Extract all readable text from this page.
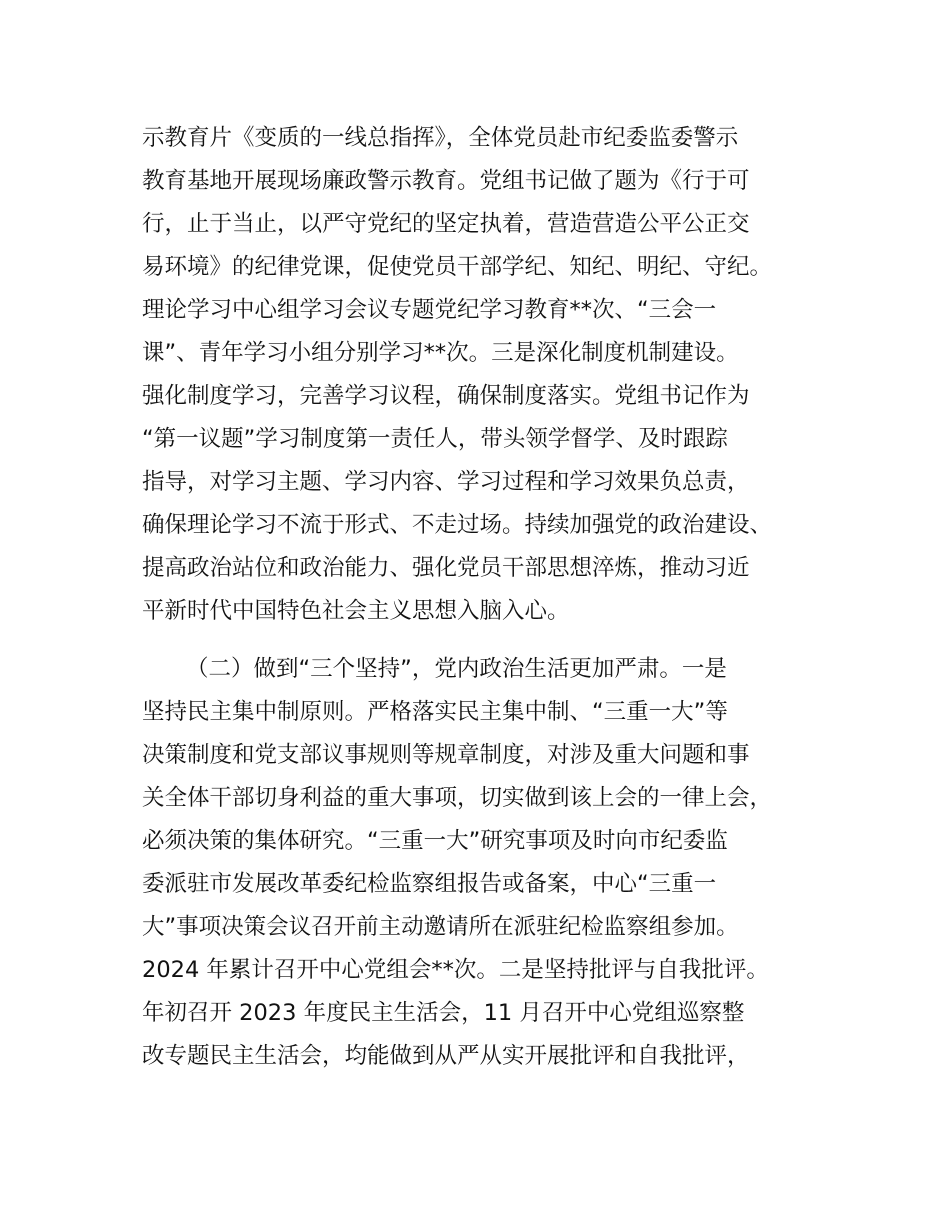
示教育片《变质的一线总指挥》，全体党员赴市纪委监委警示
教育基地开展现场廉政警示教育。党组书记做了题为《行于可
行，止于当止，以严守党纪的坚定执着，营造营造公平公正交
易环境》的纪律党课，促使党员干部学纪、知纪、明纪、守纪。
理论学习中心组学习会议专题党纪学习教育**次、“三会一
课”、青年学习小组分别学习**次。三是深化制度机制建设。
强化制度学习，完善学习议程，确保制度落实。党组书记作为
“第一议题”学习制度第一责任人，带头领学督学、及时跟踪
指导，对学习主题、学习内容、学习过程和学习效果负总责，
确保理论学习不流于形式、不走过场。持续加强党的政治建设、
提高政治站位和政治能力、强化党员干部思想淬炼，推动习近
平新时代中国特色社会主义思想入脑入心。
（二）做到“三个坚持”，党内政治生活更加严肃。一是
坚持民主集中制原则。严格落实民主集中制、“三重一大”等
决策制度和党支部议事规则等规章制度，对涉及重大问题和事
关全体干部切身利益的重大事项，切实做到该上会的一律上会，
必须决策的集体研究。“三重一大”研究事项及时向市纪委监
委派驻市发展改革委纪检监察组报告或备案，中心“三重一
大”事项决策会议召开前主动邀请所在派驻纪检监察组参加。
2024 年累计召开中心党组会**次。二是坚持批评与自我批评。
年初召开 2023 年度民主生活会，11 月召开中心党组巡察整
改专题民主生活会，均能做到从严从实开展批评和自我批评，
